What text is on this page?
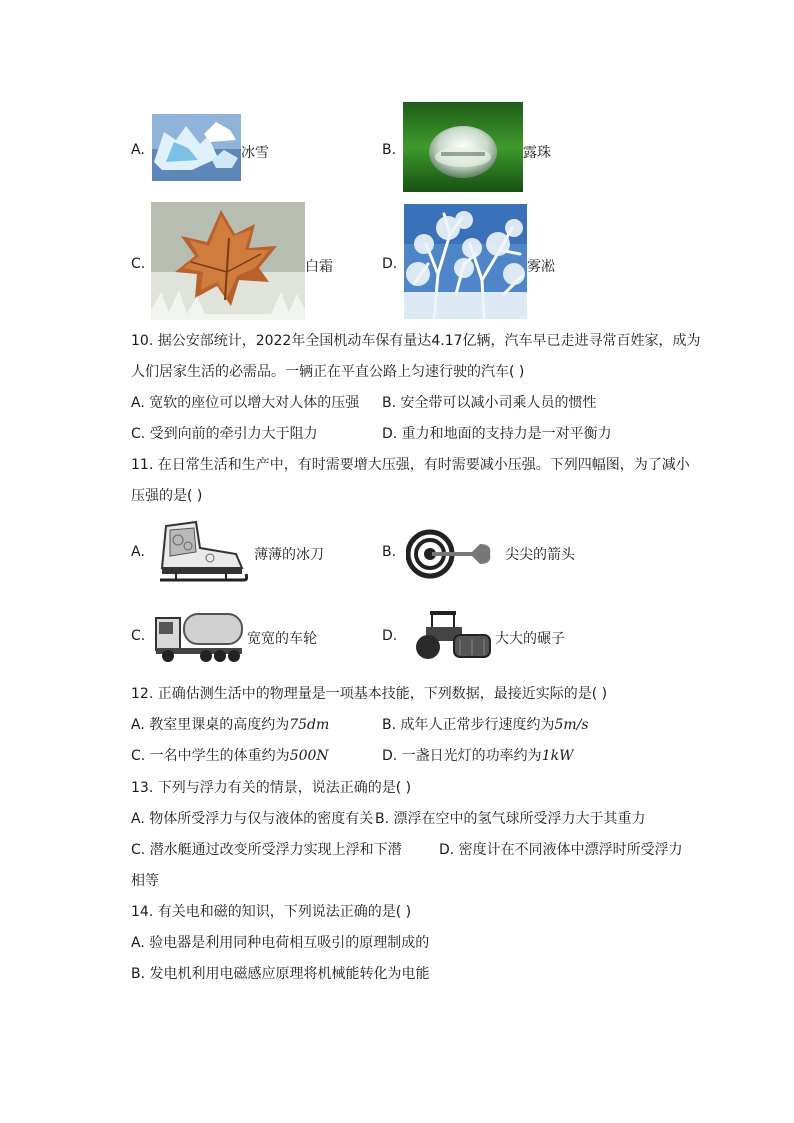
A.	冰雪	B.	露珠
C.	白霜	D.	雾凇
10. 据公安部统计，2022年全国机动车保有量达4.17亿辆，汽车早已走进寻常百姓家，成为
人们居家生活的必需品。一辆正在平直公路上匀速行驶的汽车( )
A. 宽软的座位可以增大对人体的压强 B. 安全带可以减小司乘人员的惯性
C. 受到向前的牵引力大于阻力	D. 重力和地面的支持力是一对平衡力
11. 在日常生活和生产中，有时需要增大压强，有时需要减小压强。下列四幅图，为了减小
压强的是( )
A.	薄薄的冰刀	B.	尖尖的箭头
C.	宽宽的车轮	D.	大大的碾子
12. 正确估测生活中的物理量是一项基本技能，下列数据，最接近实际的是( )
A. 教室里课桌的高度约为75dm	B. 成年人正常步行速度约为5m/s
C. 一名中学生的体重约为500N	D. 一盏日光灯的功率约为1kW
13. 下列与浮力有关的情景，说法正确的是( )
A. 物体所受浮力与仅与液体的密度有关 B. 漂浮在空中的氢气球所受浮力大于其重力
C. 潜水艇通过改变所受浮力实现上浮和下潜	D. 密度计在不同液体中漂浮时所受浮力
相等
14. 有关电和磁的知识，下列说法正确的是( )
A. 验电器是利用同种电荷相互吸引的原理制成的
B. 发电机利用电磁感应原理将机械能转化为电能
